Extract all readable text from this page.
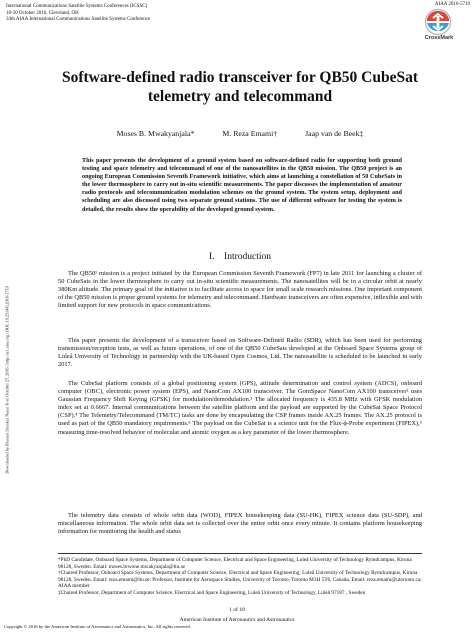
International Communications Satellite Systems Conferences (ICSSC)
18-20 October 2016, Cleveland, OH
34th AIAA International Communications Satellite Systems Conference
AIAA 2016-5719
CrossMark
Downloaded by Bharani Shankar Nayar R on October 27, 2016 | http://arc.aiaa.org | DOI: 10.2514/6.2016-5719
Software-defined radio transceiver for QB50 CubeSat telemetry and telecommand
Moses B. Mwakyanjala*	M. Reza Emami†	Jaap van de Beek‡
This paper presents the development of a ground system based on software-defined radio for supporting both ground testing and space telemetry and telecommand of one of the nanosatellites in the QB50 mission. The QB50 project is an ongoing European Commission Seventh Framework initiative, which aims at launching a constellation of 50 CubeSats in the lower thermosphere to carry out in-situ scientific measurements. The paper discusses the implementation of amateur radio protocols and telecommunication modulation schemes on the ground system. The system setup, deployment and scheduling are also discussed using two separate ground stations. The use of different software for testing the system is detailed, the results show the operability of the developed ground system.
I. Introduction

The QB50¹ mission is a project initiated by the European Commission Seventh Framework (FP7) in late 2011 for launching a cluster of 50 CubeSats in the lower thermosphere to carry out in-situ scientific measurements. The nanosatellites will be in a circular orbit at nearly 380Km altitude. The primary goal of the initiative is to facilitate access to space for small scale research missions. One important component of the QB50 mission is proper ground systems for telemetry and telecommand. Hardware transceivers are often expensive, inflexible and with limited support for new protocols in space communications.

This paper presents the development of a transceiver based on Software-Defined Radio (SDR), which has been used for performing transmission/reception tests, as well as future operations, of one of the QB50 CubeSats developed at the Onboard Space Systems group of Luleå University of Technology in partnership with the UK-based Open Cosmos, Ltd. The nanosatellite is scheduled to be launched in early 2017.

The CubeSat platform consists of a global positioning system (GPS), attitude determination and control system (ADCS), onboard computer (OBC), electronic power system (EPS), and NanoCom AX100 transceiver. The GomSpace NanoCom AX100 transceiver² uses Gaussian Frequency Shift Keying (GFSK) for modulation/demodulation.³ The allocated frequency is 435.8 MHz with GFSK modulation index set at 0.6667. Internal communications between the satellite platform and the payload are supported by the CubeSat Space Protocol (CSP).⁴ The Telemetry/Telecommand (TM/TC) tasks are done by encapsulating the CSP frames inside AX.25 frames. The AX.25 protocol is used as part of the QB50 mandatory requirements.⁵ The payload on the CubeSat is a science unit for the Flux-ϕ-Probe experiment (FIPEX),⁶ measuring time-resolved behavior of molecular and atomic oxygen as a key parameter of the lower thermosphere.

The telemetry data consists of whole orbit data (WOD), FIPEX housekeeping data (SU-HK), FIPEX science data (SU-SDP), and miscellaneous information. The whole orbit data set is collected over the entire orbit once every minute. It contains platform housekeeping information for monitoring the health and status

*PhD Candidate, Onboard Space Systems, Department of Computer Science, Electrical and Space Engineering, Luleå University of Technology Rymdcampus, Kiruna 98128, Sweden. Email: moses.brwone.mwakyanjala@ltu.se
†Chaired Professor, Onboard Space Systems, Department of Computer Science, Electrical and Space Engineering, Luleå University of Technology Rymdcampus, Kiruna 98128, Sweden. Email: reza.emami@ltu.se; Professor, Institute for Aerospace Studies, University of Toronto, Toronto M3H 5T6, Canada. Email: reza.emami@utoronto.ca; AIAA member
‡Chaired Professor, Department of Computer Science, Electrical and Space Engineering, Luleå University of Technology, Luleå 97187 , Sweden
1 of 18
American Institute of Aeronautics and Astronautics
Copyright © 2016 by the American Institute of Aeronautics and Astronautics, Inc. All rights reserved.
